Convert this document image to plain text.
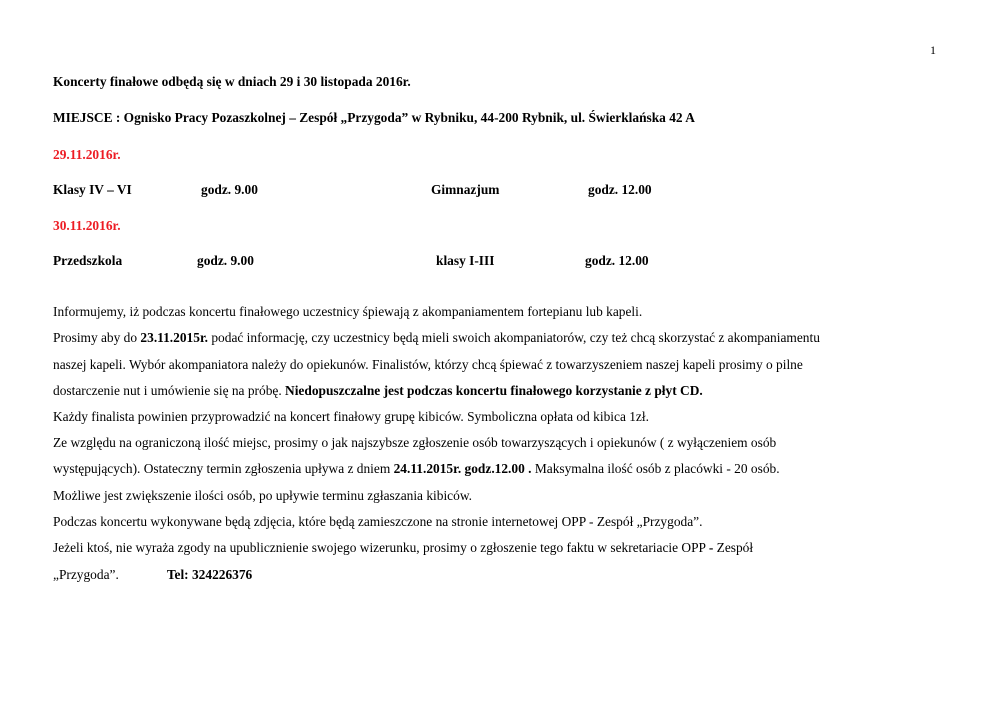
1
Koncerty finałowe odbędą się w dniach 29 i 30 listopada 2016r.
MIEJSCE : Ognisko Pracy Pozaszkolnej – Zespół „Przygoda” w Rybniku, 44-200 Rybnik, ul. Świerklańska 42 A
29.11.2016r.
Klasy IV – VI	godz. 9.00	Gimnazjum	godz. 12.00
30.11.2016r.
Przedszkola	godz. 9.00	klasy I-III	godz. 12.00
Informujemy, iż podczas koncertu finałowego uczestnicy śpiewają z akompaniamentem fortepianu lub kapeli.
Prosimy aby do 23.11.2015r. podać informację, czy uczestnicy będą mieli swoich akompaniatorów, czy też chcą skorzystać z akompaniamentu
naszej kapeli. Wybór akompaniatora należy do opiekunów. Finalistów, którzy chcą śpiewać z towarzyszeniem naszej kapeli prosimy o pilne
dostarczenie nut i umówienie się na próbę. Niedopuszczalne jest podczas koncertu finałowego korzystanie z płyt CD.
Każdy finalista powinien przyprowadzić na koncert finałowy grupę kibiców. Symboliczna opłata od kibica 1zł.
Ze względu na ograniczoną ilość miejsc, prosimy o jak najszybsze zgłoszenie osób towarzyszących i opiekunów ( z wyłączeniem osób
występujących). Ostateczny termin zgłoszenia upływa z dniem 24.11.2015r. godz.12.00 . Maksymalna ilość osób z placówki - 20 osób.
Możliwe jest zwiększenie ilości osób, po upływie terminu zgłaszania kibiców.
Podczas koncertu wykonywane będą zdjęcia, które będą zamieszczone na stronie internetowej OPP - Zespół „Przygoda”.
Jeżeli ktoś, nie wyraża zgody na upublicznienie swojego wizerunku, prosimy o zgłoszenie tego faktu w sekretariacie OPP - Zespół
„Przygoda”.	Tel: 324226376
